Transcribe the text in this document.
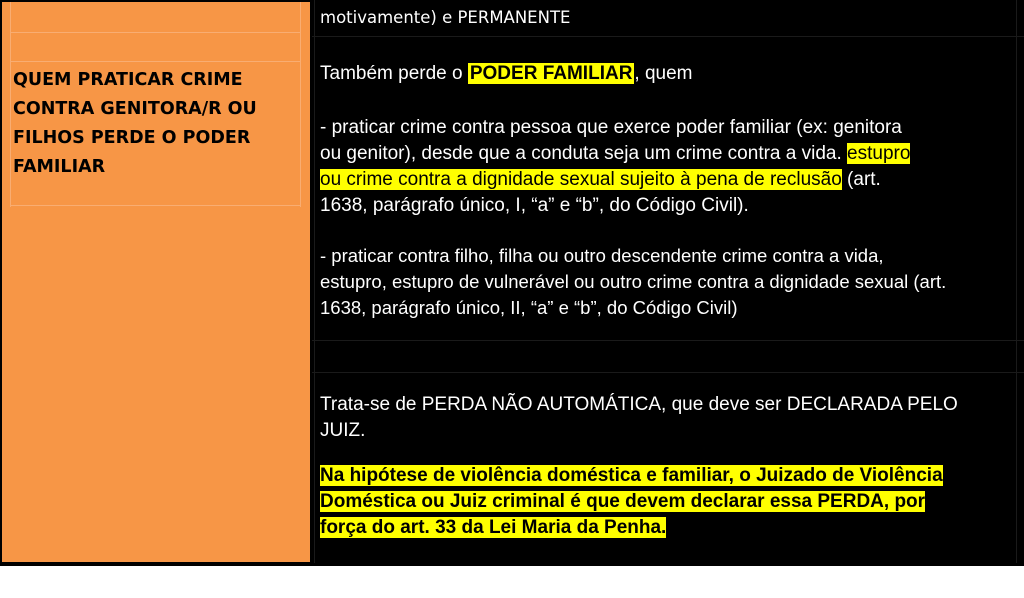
QUEM PRATICAR CRIME CONTRA GENITORA/R OU FILHOS PERDE O PODER FAMILIAR
motivamente) e PERMANENTE
Também perde o PODER FAMILIAR , quem
- praticar crime contra pessoa que exerce poder familiar (ex: genitora
ou genitor), desde que a conduta seja um crime contra a vida. estupro
ou crime contra a dignidade sexual sujeito à pena de reclusão (art.
1638, parágrafo único, I, “a” e “b”, do Código Civil).
- praticar contra filho, filha ou outro descendente crime contra a vida,
estupro, estupro de vulnerável ou outro crime contra a dignidade sexual (art.
1638, parágrafo único, II, “a” e “b”, do Código Civil)
Trata-se de PERDA NÃO AUTOMÁTICA, que deve ser DECLARADA PELO
JUIZ.
Na hipótese de violência doméstica e familiar, o Juizado de Violência
Doméstica ou Juiz criminal é que devem declarar essa PERDA, por
força do art. 33 da Lei Maria da Penha.
